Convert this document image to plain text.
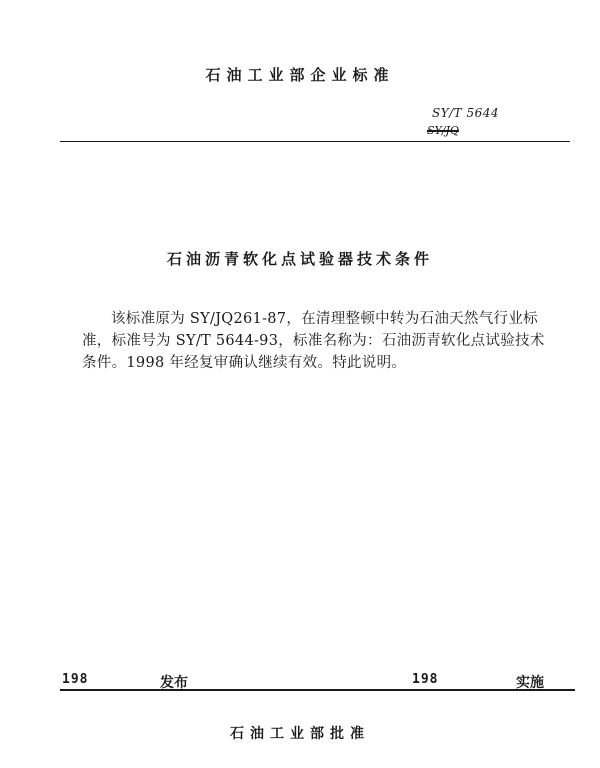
石油工业部企业标准
SY/T 5644
SY/JQ
石油沥青软化点试验器技术条件
该标准原为 SY/JQ261-87，在清理整顿中转为石油天然气行业标准，标准号为 SY/T 5644-93，标准名称为：石油沥青软化点试验技术条件。1998 年经复审确认继续有效。特此说明。
198	发布	198	实施
石油工业部批准
